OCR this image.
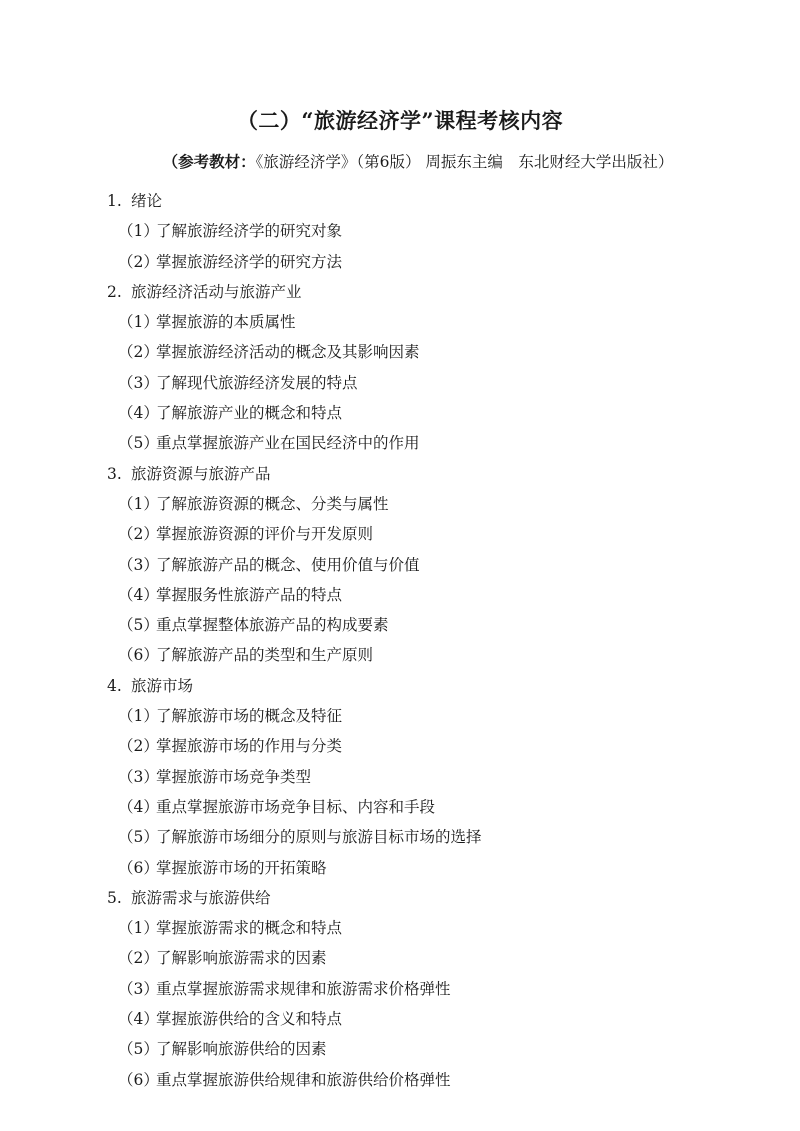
（二）“旅游经济学”课程考核内容
（参考教材：《旅游经济学》（第6版） 周振东主编　东北财经大学出版社）
1. 绪论
（1）了解旅游经济学的研究对象
（2）掌握旅游经济学的研究方法
2. 旅游经济活动与旅游产业
（1）掌握旅游的本质属性
（2）掌握旅游经济活动的概念及其影响因素
（3）了解现代旅游经济发展的特点
（4）了解旅游产业的概念和特点
（5）重点掌握旅游产业在国民经济中的作用
3. 旅游资源与旅游产品
（1）了解旅游资源的概念、分类与属性
（2）掌握旅游资源的评价与开发原则
（3）了解旅游产品的概念、使用价值与价值
（4）掌握服务性旅游产品的特点
（5）重点掌握整体旅游产品的构成要素
（6）了解旅游产品的类型和生产原则
4. 旅游市场
（1）了解旅游市场的概念及特征
（2）掌握旅游市场的作用与分类
（3）掌握旅游市场竞争类型
（4）重点掌握旅游市场竞争目标、内容和手段
（5）了解旅游市场细分的原则与旅游目标市场的选择
（6）掌握旅游市场的开拓策略
5. 旅游需求与旅游供给
（1）掌握旅游需求的概念和特点
（2）了解影响旅游需求的因素
（3）重点掌握旅游需求规律和旅游需求价格弹性
（4）掌握旅游供给的含义和特点
（5）了解影响旅游供给的因素
（6）重点掌握旅游供给规律和旅游供给价格弹性
